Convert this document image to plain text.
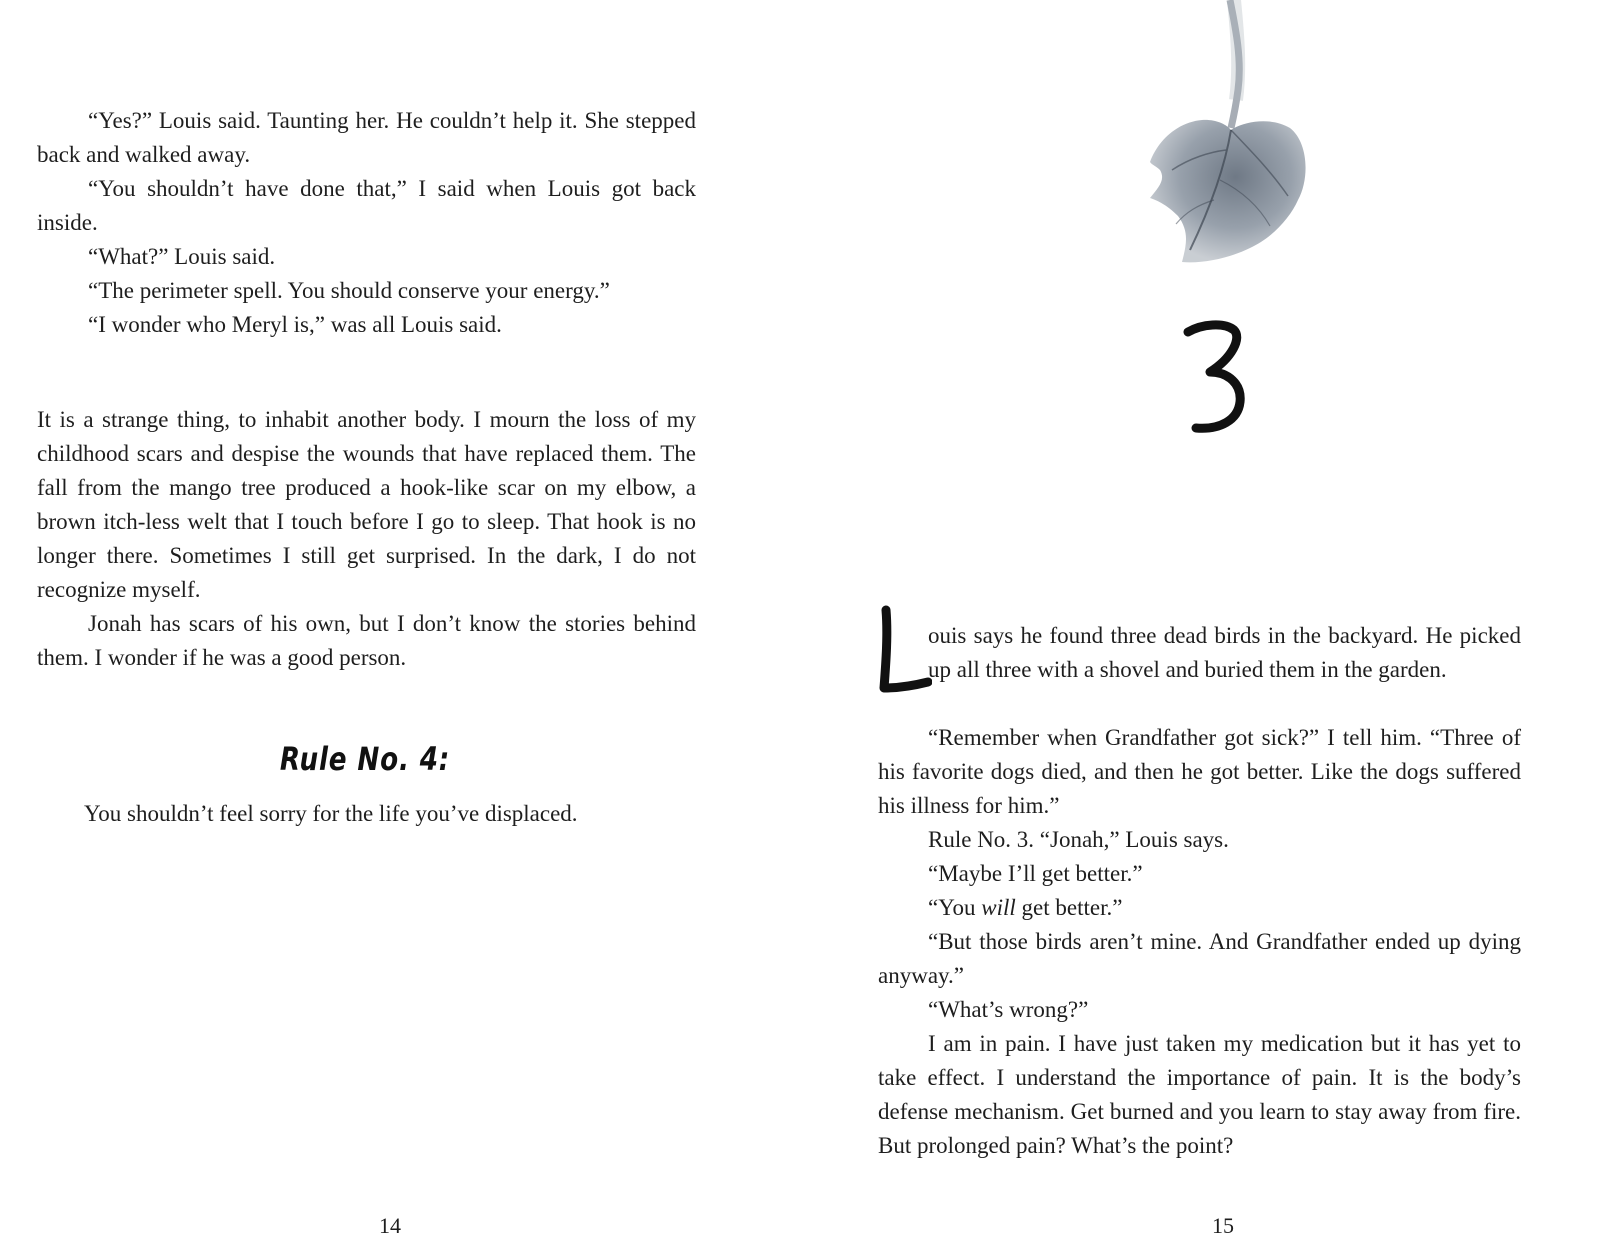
“Yes?” Louis said. Taunting her. He couldn’t help it. She stepped back and walked away.

“You shouldn’t have done that,” I said when Louis got back inside.

“What?” Louis said.

“The perimeter spell. You should conserve your energy.”

“I wonder who Meryl is,” was all Louis said.

It is a strange thing, to inhabit another body. I mourn the loss of my childhood scars and despise the wounds that have replaced them. The fall from the mango tree produced a hook-like scar on my elbow, a brown itch-less welt that I touch before I go to sleep. That hook is no longer there. Sometimes I still get surprised. In the dark, I do not recognize myself.

Jonah has scars of his own, but I don’t know the stories behind them. I wonder if he was a good person.

Rule No. 4:
You shouldn’t feel sorry for the life you’ve displaced.
14
3
L
15

ouis says he found three dead birds in the backyard. He picked up all three with a shovel and buried them in the garden.

“Remember when Grandfather got sick?” I tell him. “Three of his favorite dogs died, and then he got better. Like the dogs suffered his illness for him.”

Rule No. 3. “Jonah,” Louis says.

“Maybe I’ll get better.”

“You will get better.”

“But those birds aren’t mine. And Grandfather ended up dying anyway.”

“What’s wrong?”

I am in pain. I have just taken my medication but it has yet to take effect. I understand the importance of pain. It is the body’s defense mechanism. Get burned and you learn to stay away from fire. But prolonged pain? What’s the point?
